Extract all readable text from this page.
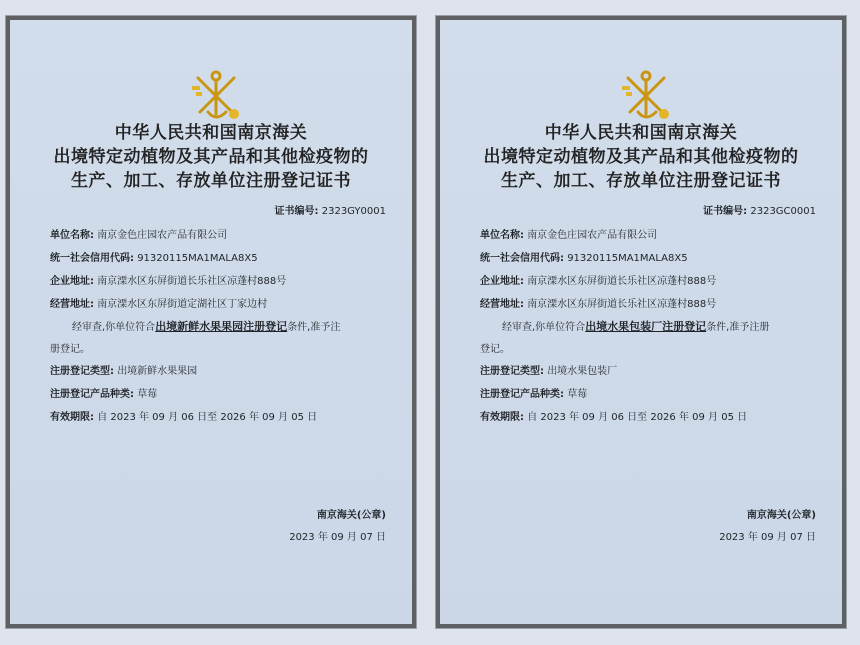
中华人民共和国南京海关
出境特定动植物及其产品和其他检疫物的
生产、加工、存放单位注册登记证书
证书编号: 2323GY0001
单位名称: 南京金色庄园农产品有限公司
统一社会信用代码: 91320115MA1MALA8X5
企业地址: 南京溧水区东屏街道长乐社区凉蓬村888号
经营地址: 南京溧水区东屏街道定湖社区丁家边村
经审查,你单位符合出境新鲜水果果园注册登记条件,准予注
册登记。
注册登记类型: 出境新鲜水果果园
注册登记产品种类: 草莓
有效期限: 自 2023 年 09 月 06 日至 2026 年 09 月 05 日
南京海关(公章)
2023 年 09 月 07 日
中华人民共和国南京海关
出境特定动植物及其产品和其他检疫物的
生产、加工、存放单位注册登记证书
证书编号: 2323GC0001
单位名称: 南京金色庄园农产品有限公司
统一社会信用代码: 91320115MA1MALA8X5
企业地址: 南京溧水区东屏街道长乐社区凉蓬村888号
经营地址: 南京溧水区东屏街道长乐社区凉蓬村888号
经审查,你单位符合出境水果包装厂注册登记条件,准予注册
登记。
注册登记类型: 出境水果包装厂
注册登记产品种类: 草莓
有效期限: 自 2023 年 09 月 06 日至 2026 年 09 月 05 日
南京海关(公章)
2023 年 09 月 07 日
